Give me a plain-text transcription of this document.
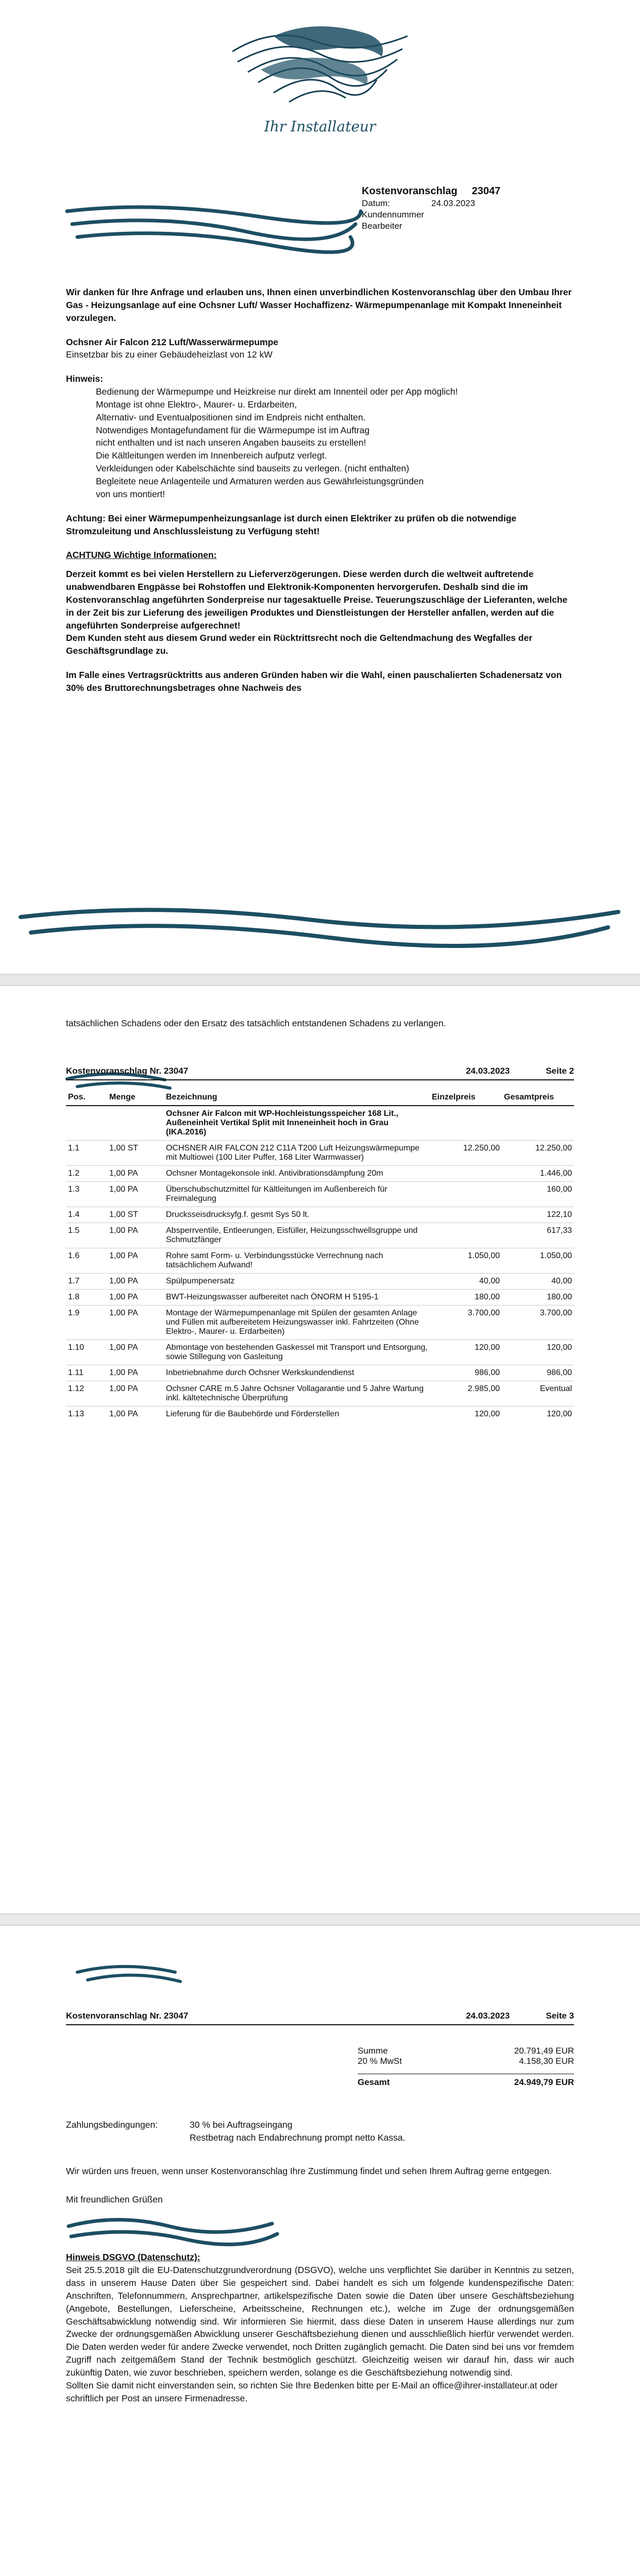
Ihr Installateur
Kostenvoranschlag 23047
Datum:	24.03.2023
Kundennummer
Bearbeiter

Wir danken für Ihre Anfrage und erlauben uns, Ihnen einen unverbindlichen Kostenvoranschlag über den Umbau Ihrer Gas - Heizungsanlage auf eine Ochsner Luft/ Wasser Hochaffizenz- Wärmepumpenanlage mit Kompakt Inneneinheit vorzulegen.

Ochsner Air Falcon 212 Luft/Wasserwärmepumpe

Einsetzbar bis zu einer Gebäudeheizlast von 12 kW

Hinweis:

Bedienung der Wärmepumpe und Heizkreise nur direkt am Innenteil oder per App möglich!

Montage ist ohne Elektro-, Maurer- u. Erdarbeiten,

Alternativ- und Eventualpositionen sind im Endpreis nicht enthalten.

Notwendiges Montagefundament für die Wärmepumpe ist im Auftrag

nicht enthalten und ist nach unseren Angaben bauseits zu erstellen!

Die Kältleitungen werden im Innenbereich aufputz verlegt.

Verkleidungen oder Kabelschächte sind bauseits zu verlegen. (nicht enthalten)

Begleitete neue Anlagenteile und Armaturen werden aus Gewährleistungsgründen

von uns montiert!

Achtung: Bei einer Wärmepumpenheizungsanlage ist durch einen Elektriker zu prüfen ob die notwendige Stromzuleitung und Anschlussleistung zu Verfügung steht!

ACHTUNG Wichtige Informationen:

Derzeit kommt es bei vielen Herstellern zu Lieferverzögerungen. Diese werden durch die weltweit auftretende unabwendbaren Engpässe bei Rohstoffen und Elektronik-Komponenten hervorgerufen. Deshalb sind die im Kostenvoranschlag angeführten Sonderpreise nur tagesaktuelle Preise. Teuerungszuschläge der Lieferanten, welche in der Zeit bis zur Lieferung des jeweiligen Produktes und Dienstleistungen der Hersteller anfallen, werden auf die angeführten Sonderpreise aufgerechnet!

Dem Kunden steht aus diesem Grund weder ein Rücktrittsrecht noch die Geltendmachung des Wegfalles der Geschäftsgrundlage zu.

Im Falle eines Vertragsrücktritts aus anderen Gründen haben wir die Wahl, einen pauschalierten Schadenersatz von 30% des Bruttorechnungsbetrages ohne Nachweis des

tatsächlichen Schadens oder den Ersatz des tatsächlich entstandenen Schadens zu verlangen.

Kostenvoranschlag Nr. 23047	24.03.2023	Seite 2
Pos.	Menge	Bezeichnung	Einzelpreis	Gesamtpreis
		Ochsner Air Falcon mit WP-Hochleistungsspeicher 168 Lit., Außeneinheit Vertikal Split mit Inneneinheit hoch in Grau (IKA.2016)		
1.1	1,00 ST	OCHSNER AIR FALCON 212 C11A T200 Luft Heizungswärmepumpe mit Multiowei (100 Liter Puffer, 168 Liter Warmwasser)	12.250,00	12.250,00
1.2	1,00 PA	Ochsner Montagekonsole inkl. Antivibrationsdämpfung 20m		1.446,00
1.3	1,00 PA	Überschubschutzmittel für Kältleitungen im Außenbereich für Freimalegung		160,00
1.4	1,00 ST	Drucksseisdrucksyfg.f. gesmt Sys 50 lt.		122,10
1.5	1,00 PA	Absperrventile, Entleerungen, Eisfüller, Heizungsschwellsgruppe und Schmutzfänger		617,33
1.6	1,00 PA	Rohre samt Form- u. Verbindungsstücke Verrechnung nach tatsächlichem Aufwand!	1.050,00	1.050,00
1.7	1,00 PA	Spülpumpenersatz	40,00	40,00
1.8	1,00 PA	BWT-Heizungswasser aufbereitet nach ÖNORM H 5195-1	180,00	180,00
1.9	1,00 PA	Montage der Wärmepumpenanlage mit Spülen der gesamten Anlage und Füllen mit aufbereitetem Heizungswasser inkl. Fahrtzeiten (Ohne Elektro-, Maurer- u. Erdarbeiten)	3.700,00	3.700,00
1.10	1,00 PA	Abmontage von bestehenden Gaskessel mit Transport und Entsorgung, sowie Stillegung von Gasleitung	120,00	120,00
1.11	1,00 PA	Inbetriebnahme durch Ochsner Werkskundendienst	986,00	986,00
1.12	1,00 PA	Ochsner CARE m.5 Jahre Ochsner Vollagarantie und 5 Jahre Wartung inkl. kältetechnische Überprüfung	2.985,00	Eventual
1.13	1,00 PA	Lieferung für die Baubehörde und Förderstellen	120,00	120,00
Kostenvoranschlag Nr. 23047	24.03.2023	Seite 3
Summe	20.791,49 EUR
20 % MwSt	4.158,30 EUR
Gesamt	24.949,79 EUR
Zahlungsbedingungen:	30 % bei Auftragseingang
Restbetrag nach Endabrechnung prompt netto Kassa.

Wir würden uns freuen, wenn unser Kostenvoranschlag Ihre Zustimmung findet und sehen Ihrem Auftrag gerne entgegen.

Mit freundlichen Grüßen

Hinweis DSGVO (Datenschutz):

Seit 25.5.2018 gilt die EU-Datenschutzgrundverordnung (DSGVO), welche uns verpflichtet Sie darüber in Kenntnis zu setzen, dass in unserem Hause Daten über Sie gespeichert sind. Dabei handelt es sich um folgende kundenspezifische Daten: Anschriften, Telefonnummern, Ansprechpartner, artikelspezifische Daten sowie die Daten über unsere Geschäftsbeziehung (Angebote, Bestellungen, Lieferscheine, Arbeitsscheine, Rechnungen etc.), welche im Zuge der ordnungsgemäßen Geschäftsabwicklung notwendig sind. Wir informieren Sie hiermit, dass diese Daten in unserem Hause allerdings nur zum Zwecke der ordnungsgemäßen Abwicklung unserer Geschäftsbeziehung dienen und ausschließlich hierfür verwendet werden. Die Daten werden weder für andere Zwecke verwendet, noch Dritten zugänglich gemacht. Die Daten sind bei uns vor fremdem Zugriff nach zeitgemäßem Stand der Technik bestmöglich geschützt. Gleichzeitig weisen wir darauf hin, dass wir auch zukünftig Daten, wie zuvor beschrieben, speichern werden, solange es die Geschäftsbeziehung notwendig sind.

Sollten Sie damit nicht einverstanden sein, so richten Sie Ihre Bedenken bitte per E-Mail an office@ihrer-installateur.at oder schriftlich per Post an unsere Firmenadresse.
